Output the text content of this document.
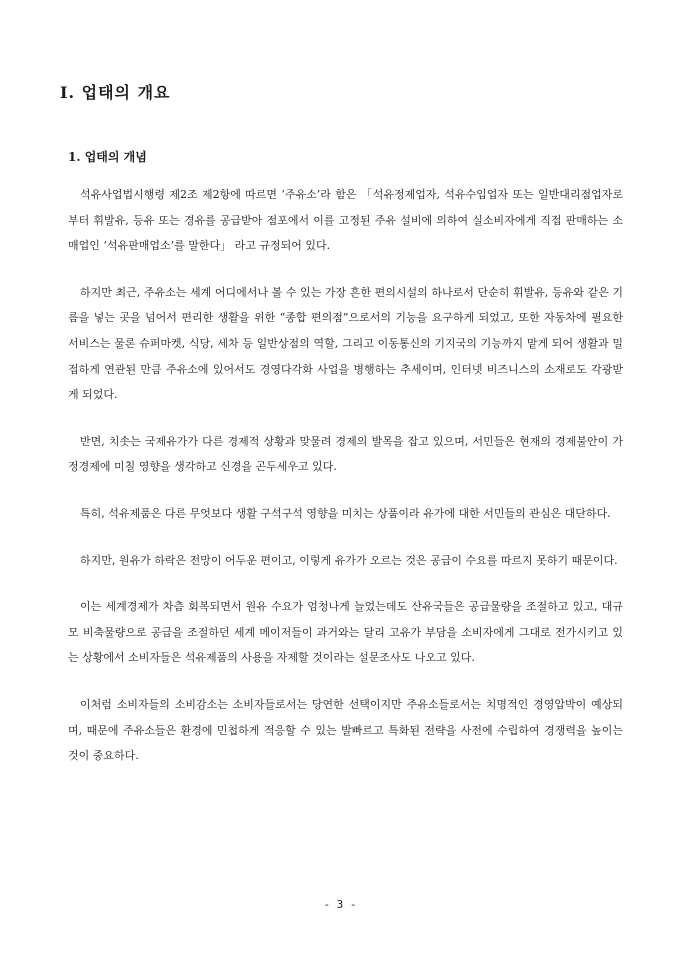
I. 업태의 개요
1. 업태의 개념

석유사업법시행령 제2조 제2항에 따르면 ‘주유소’라 함은 「석유정제업자, 석유수입업자 또는 일반대리점업자로부터 휘발유, 등유 또는 경유를 공급받아 점포에서 이를 고정된 주유 설비에 의하여 실소비자에게 직접 판매하는 소매업인 ‘석유판매업소’를 말한다」 라고 규정되어 있다.

하지만 최근, 주유소는 세계 어디에서나 볼 수 있는 가장 흔한 편의시설의 하나로서 단순히 휘발유, 등유와 같은 기름을 넣는 곳을 넘어서 편리한 생활을 위한 “종합 편의점”으로서의 기능을 요구하게 되었고, 또한 자동차에 필요한 서비스는 물론 슈퍼마켓, 식당, 세차 등 일반상점의 역할, 그리고 이동통신의 기지국의 기능까지 맡게 되어 생활과 밀접하게 연관된 만큼 주유소에 있어서도 경영다각화 사업을 병행하는 추세이며, 인터넷 비즈니스의 소재로도 각광받게 되었다.

반면, 치솟는 국제유가가 다른 경제적 상황과 맞물려 경제의 발목을 잡고 있으며, 서민들은 현재의 경제불안이 가정경제에 미칠 영향을 생각하고 신경을 곤두세우고 있다.

특히, 석유제품은 다른 무엇보다 생활 구석구석 영향을 미치는 상품이라 유가에 대한 서민들의 관심은 대단하다.

하지만, 원유가 하락은 전망이 어두운 편이고, 이렇게 유가가 오르는 것은 공급이 수요를 따르지 못하기 때문이다.

이는 세계경제가 차츰 회복되면서 원유 수요가 엄청나게 늘었는데도 산유국들은 공급물량을 조절하고 있고, 대규모 비축물량으로 공급을 조절하던 세계 메이저들이 과거와는 달리 고유가 부담을 소비자에게 그대로 전가시키고 있는 상황에서 소비자들은 석유제품의 사용을 자제할 것이라는 설문조사도 나오고 있다.

이처럼 소비자들의 소비감소는 소비자들로서는 당연한 선택이지만 주유소들로서는 치명적인 경영압박이 예상되며, 때문에 주유소들은 환경에 민첩하게 적응할 수 있는 발빠르고 특화된 전략을 사전에 수립하여 경쟁력을 높이는 것이 중요하다.

- 3 -
